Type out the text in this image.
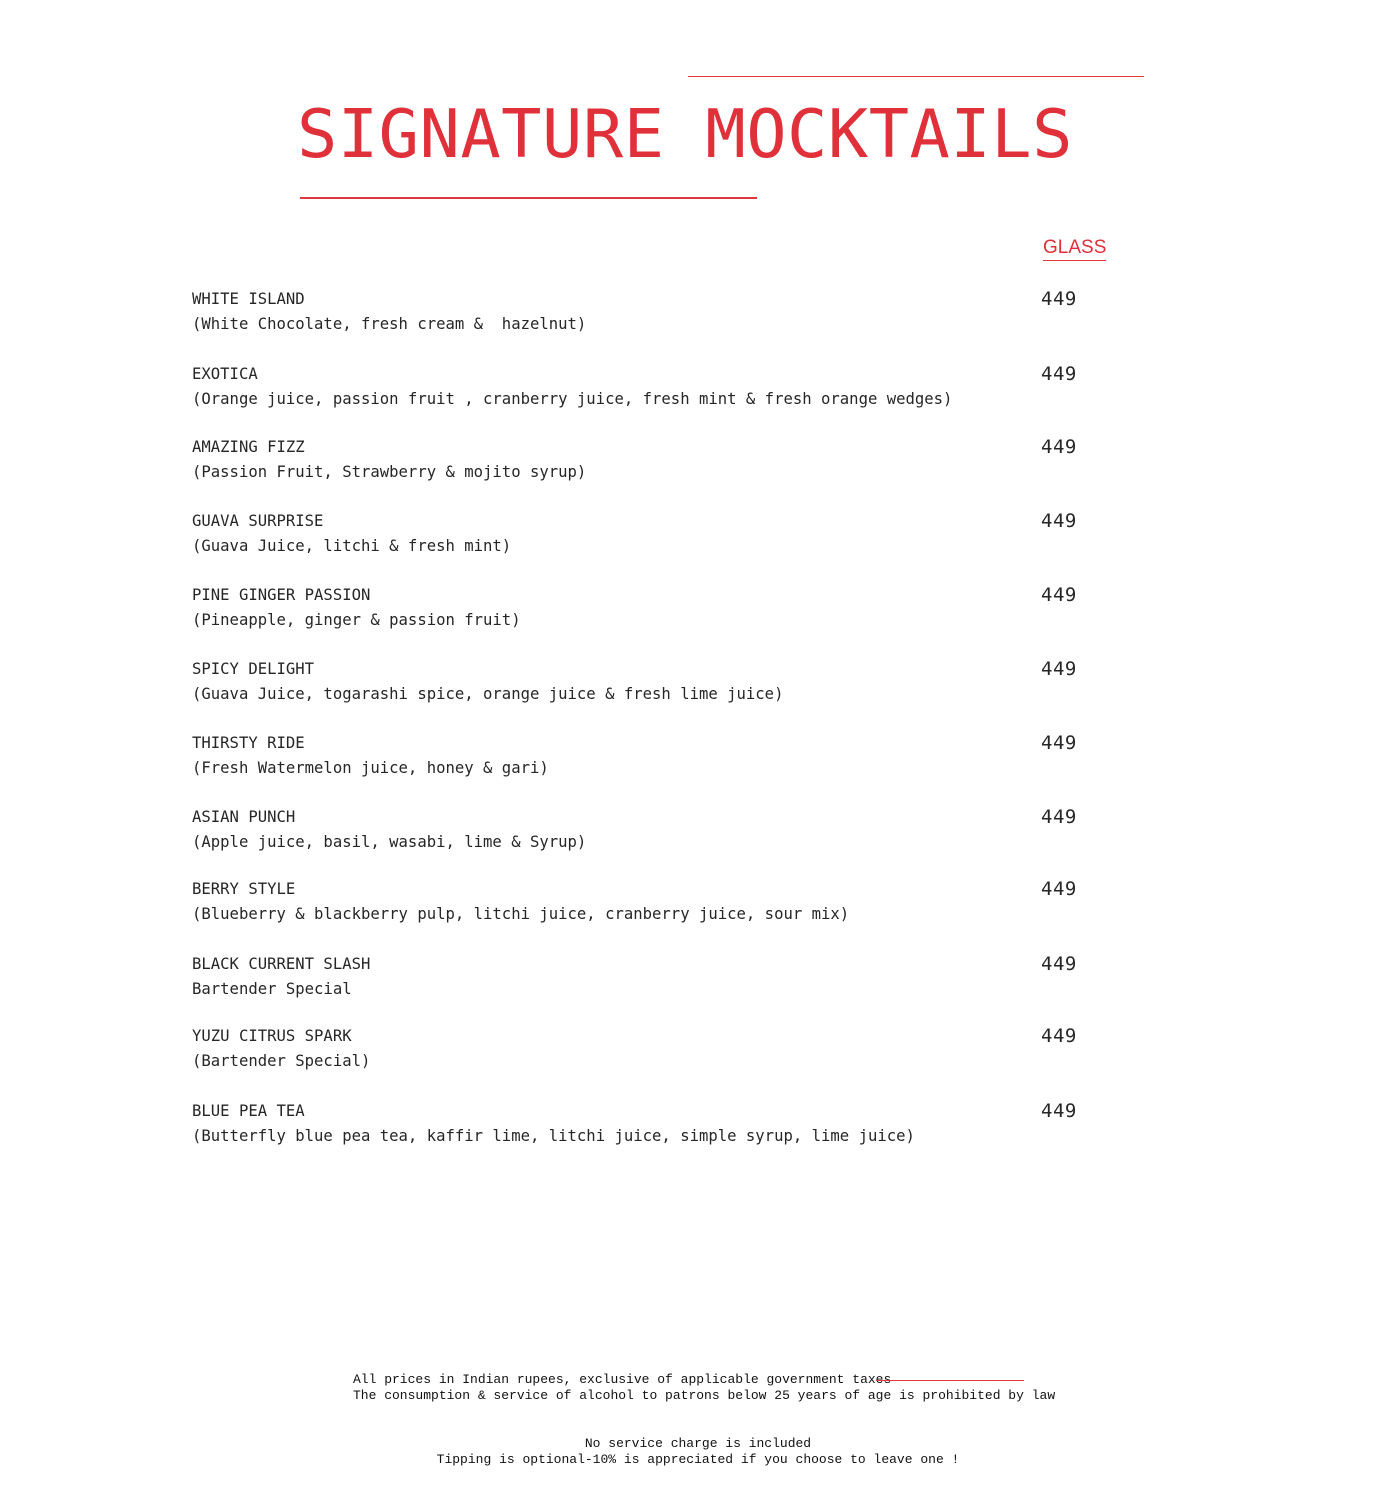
SIGNATURE MOCKTAILS
GLASS
WHITE ISLAND
(White Chocolate, fresh cream &  hazelnut)
449
EXOTICA
(Orange juice, passion fruit , cranberry juice, fresh mint & fresh orange wedges)
449
AMAZING FIZZ
(Passion Fruit, Strawberry & mojito syrup)
449
GUAVA SURPRISE
(Guava Juice, litchi & fresh mint)
449
PINE GINGER PASSION
(Pineapple, ginger & passion fruit)
449
SPICY DELIGHT
(Guava Juice, togarashi spice, orange juice & fresh lime juice)
449
THIRSTY RIDE
(Fresh Watermelon juice, honey & gari)
449
ASIAN PUNCH
(Apple juice, basil, wasabi, lime & Syrup)
449
BERRY STYLE
(Blueberry & blackberry pulp, litchi juice, cranberry juice, sour mix)
449
BLACK CURRENT SLASH
Bartender Special
449
YUZU CITRUS SPARK
(Bartender Special)
449
BLUE PEA TEA
(Butterfly blue pea tea, kaffir lime, litchi juice, simple syrup, lime juice)
449
All prices in Indian rupees, exclusive of applicable government taxes
The consumption & service of alcohol to patrons below 25 years of age is prohibited by law
No service charge is included
Tipping is optional-10% is appreciated if you choose to leave one !
